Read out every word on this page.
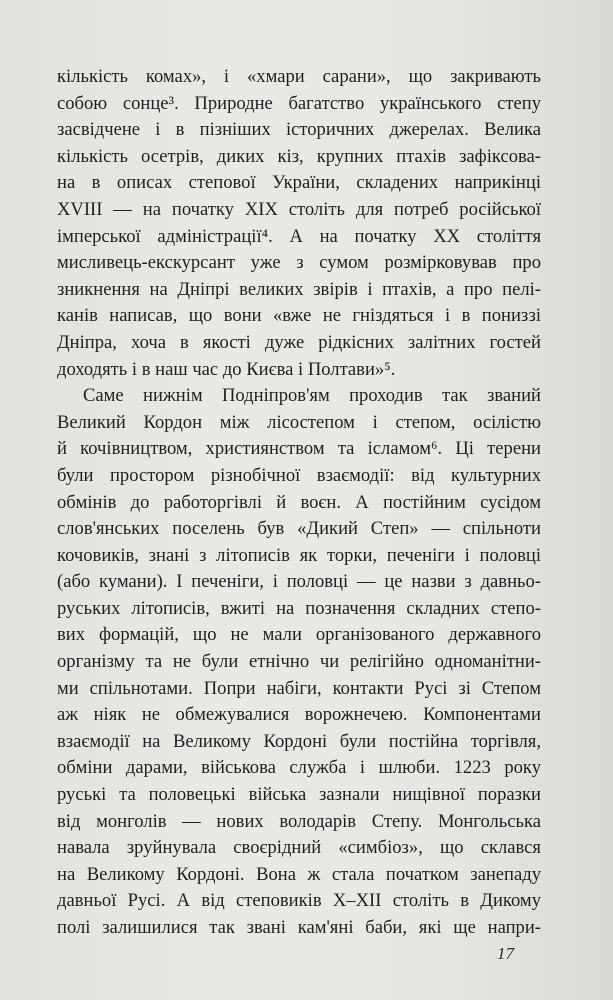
кількість комах», і «хмари сарани», що закривають
собою сонце³. Природне багатство українського степу
засвідчене і в пізніших історичних джерелах. Велика
кількість осетрів, диких кіз, крупних птахів зафіксова-
на в описах степової України, складених наприкінці
XVIII — на початку XIX століть для потреб російської
імперської адміністрації⁴. А на початку XX століття
мисливець-екскурсант уже з сумом розмірковував про
зникнення на Дніпрі великих звірів і птахів, а про пелі-
канів написав, що вони «вже не гніздяться і в пониззі
Дніпра, хоча в якості дуже рідкісних залітних гостей
доходять і в наш час до Києва і Полтави»⁵.
Саме нижнім Подніпров'ям проходив так званий
Великий Кордон між лісостепом і степом, осілістю
й кочівництвом, християнством та ісламом⁶. Ці терени
були простором різнобічної взаємодії: від культурних
обмінів до работоргівлі й воєн. А постійним сусідом
слов'янських поселень був «Дикий Степ» — спільноти
кочовиків, знані з літописів як торки, печеніги і половці
(або кумани). І печеніги, і половці — це назви з давньо-
руських літописів, вжиті на позначення складних степо-
вих формацій, що не мали організованого державного
організму та не були етнічно чи релігійно одноманітни-
ми спільнотами. Попри набіги, контакти Русі зі Степом
аж ніяк не обмежувалися ворожнечею. Компонентами
взаємодії на Великому Кордоні були постійна торгівля,
обміни дарами, військова служба і шлюби. 1223 року
руські та половецькі війська зазнали нищівної поразки
від монголів — нових володарів Степу. Монгольська
навала зруйнувала своєрідний «симбіоз», що склався
на Великому Кордоні. Вона ж стала початком занепаду
давньої Русі. А від степовиків X–XII століть в Дикому
полі залишилися так звані кам'яні баби, які ще напри-
17
